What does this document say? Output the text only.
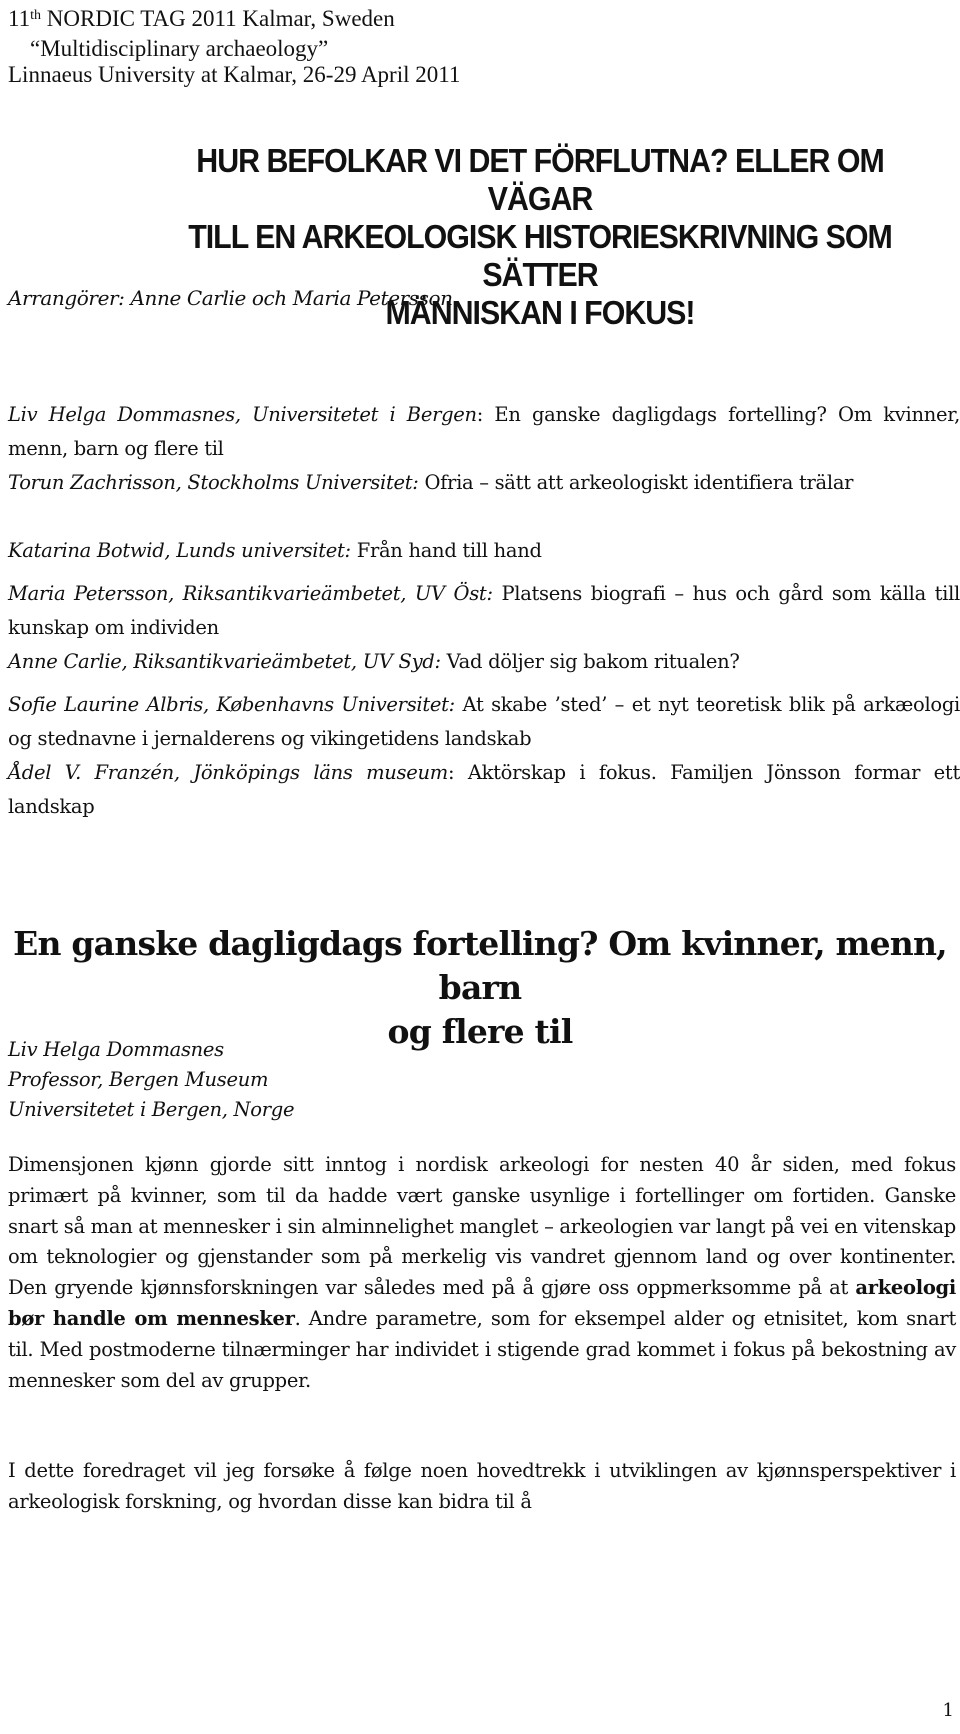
11th NORDIC TAG 2011 Kalmar, Sweden
“Multidisciplinary archaeology”
Linnaeus University at Kalmar, 26-29 April 2011
HUR BEFOLKAR VI DET FÖRFLUTNA? ELLER OM VÄGAR
TILL EN ARKEOLOGISK HISTORIESKRIVNING SOM SÄTTER
MÄNNISKAN I FOKUS!
Arrangörer: Anne Carlie och Maria Petersson
Liv Helga Dommasnes, Universitetet i Bergen: En ganske dagligdags fortelling? Om kvinner, menn, barn og flere til
Torun Zachrisson, Stockholms Universitet: Ofria – sätt att arkeologiskt identifiera trälar
Katarina Botwid, Lunds universitet: Från hand till hand
Maria Petersson, Riksantikvarieämbetet, UV Öst: Platsens biografi – hus och gård som källa till kunskap om individen
Anne Carlie, Riksantikvarieämbetet, UV Syd: Vad döljer sig bakom ritualen?
Sofie Laurine Albris, Københavns Universitet: At skabe ’sted’ – et nyt teoretisk blik på arkæologi og stednavne i jernalderens og vikingetidens landskab
Ådel V. Franzén, Jönköpings läns museum: Aktörskap i fokus. Familjen Jönsson formar ett landskap
En ganske dagligdags fortelling? Om kvinner, menn, barn
og flere til
Liv Helga Dommasnes
Professor, Bergen Museum
Universitetet i Bergen, Norge
Dimensjonen kjønn gjorde sitt inntog i nordisk arkeologi for nesten 40 år siden, med fokus primært på kvinner, som til da hadde vært ganske usynlige i fortellinger om fortiden. Ganske snart så man at mennesker i sin alminnelighet manglet – arkeologien var langt på vei en vitenskap om teknologier og gjenstander som på merkelig vis vandret gjennom land og over kontinenter. Den gryende kjønnsforskningen var således med på å gjøre oss oppmerksomme på at arkeologi bør handle om mennesker. Andre parametre, som for eksempel alder og etnisitet, kom snart til. Med postmoderne tilnærminger har individet i stigende grad kommet i fokus på bekostning av mennesker som del av grupper.
I dette foredraget vil jeg forsøke å følge noen hovedtrekk i utviklingen av kjønnsperspektiver i arkeologisk forskning, og hvordan disse kan bidra til å
1
